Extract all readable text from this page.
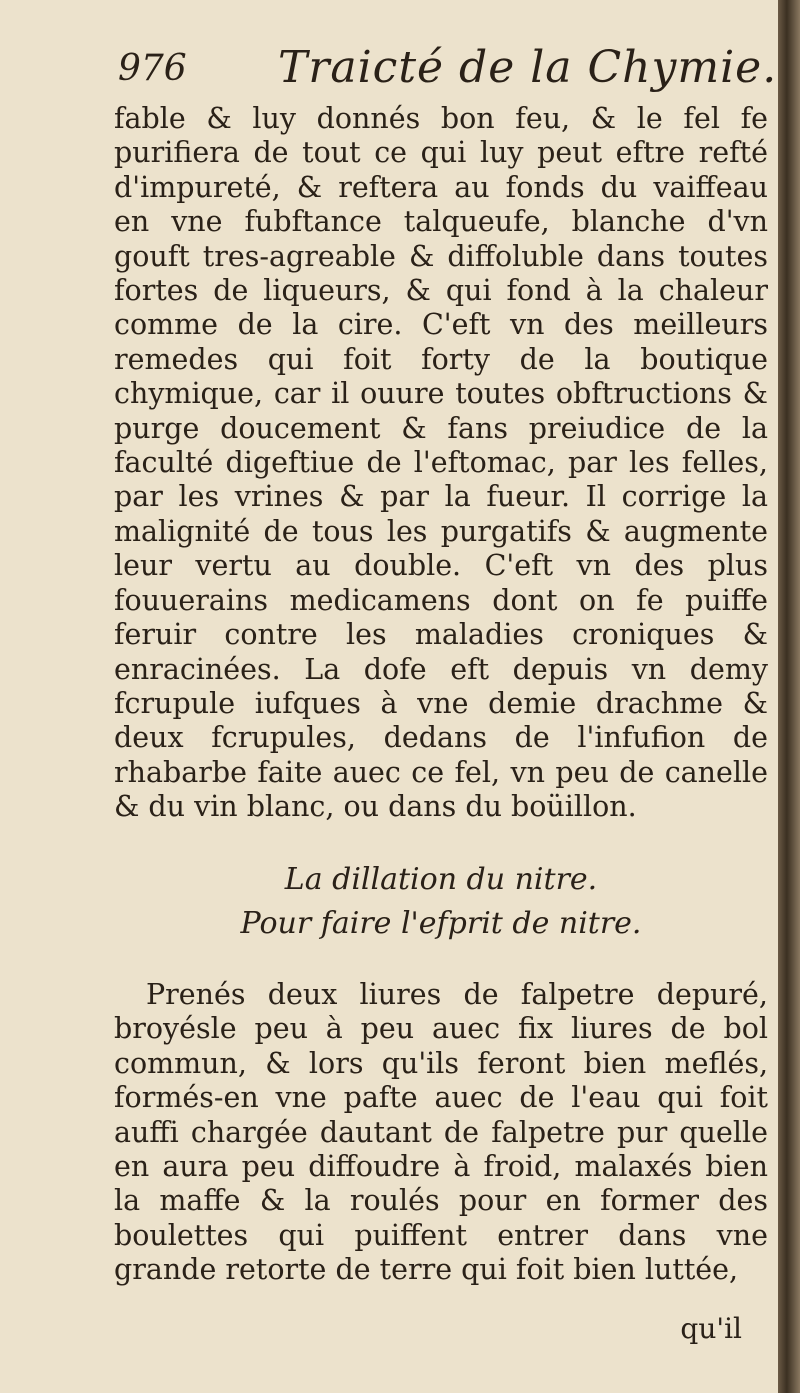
976 Traicté de la Chymie.

fable & luy donnés bon feu, & le fel fe purifiera de tout ce qui luy peut eftre refté d'impureté, & reftera au fonds du vaiffeau en vne fubftance talqueufe, blanche d'vn gouft tres-agreable & diffoluble dans toutes fortes de liqueurs, & qui fond à la chaleur comme de la cire. C'eft vn des meilleurs remedes qui foit forty de la boutique chymique, car il ouure toutes obftructions & purge doucement & fans preiudice de la faculté digeftiue de l'eftomac, par les felles, par les vrines & par la fueur. Il corrige la malignité de tous les purgatifs & augmente leur vertu au double. C'eft vn des plus fouuerains medicamens dont on fe puiffe feruir contre les maladies croniques & enracinées. La dofe eft depuis vn demy fcrupule iufques à vne demie drachme & deux fcrupules, dedans de l'infufion de rhabarbe faite auec ce fel, vn peu de canelle & du vin blanc, ou dans du boüillon.

La dillation du nitre.

Pour faire l'efprit de nitre.

Prenés deux liures de falpetre depuré, broyésle peu à peu auec fix liures de bol commun, & lors qu'ils feront bien meflés, formés-en vne pafte auec de l'eau qui foit auffi chargée dautant de falpetre pur quelle en aura peu diffoudre à froid, malaxés bien la maffe & la roulés pour en former des boulettes qui puiffent entrer dans vne grande retorte de terre qui foit bien luttée,

qu'il
